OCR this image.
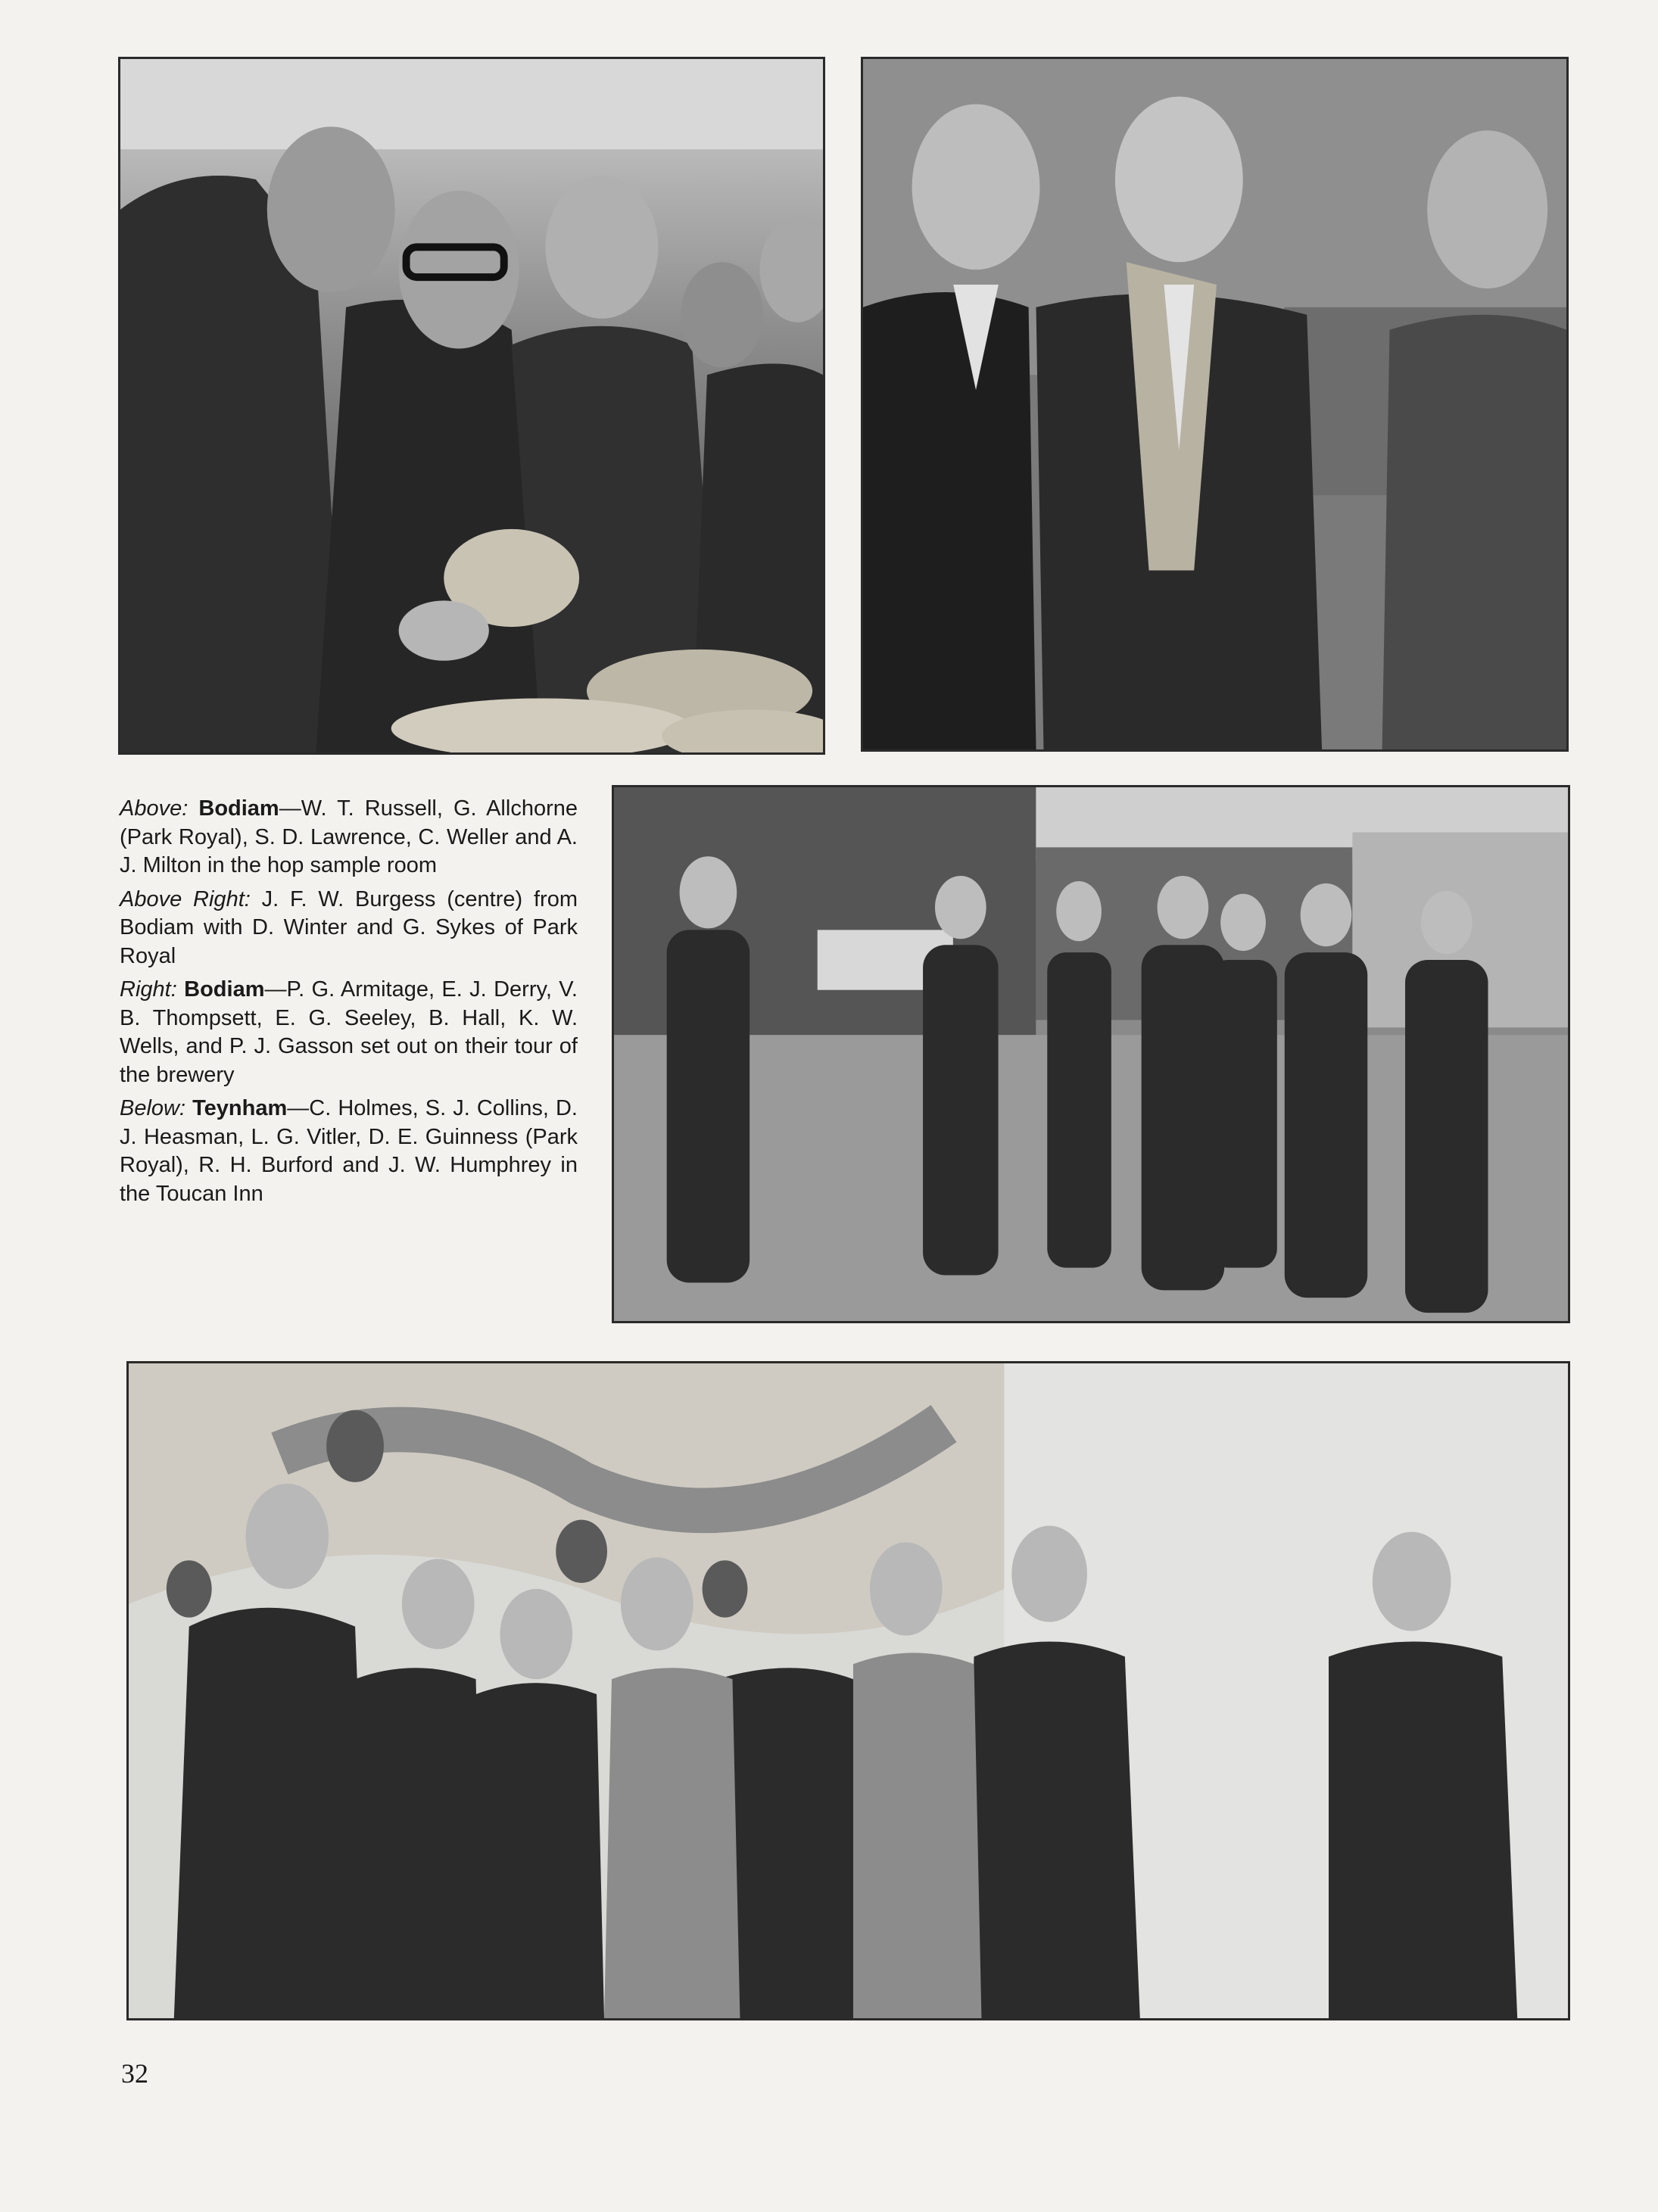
Above: Bodiam—W. T. Russell, G. Allchorne (Park Royal), S. D. Lawrence, C. Weller and A. J. Milton in the hop sample room

Above Right: J. F. W. Burgess (centre) from Bodiam with D. Winter and G. Sykes of Park Royal

Right: Bodiam—P. G. Armitage, E. J. Derry, V. B. Thompsett, E. G. Seeley, B. Hall, K. W. Wells, and P. J. Gasson set out on their tour of the brewery

Below: Teynham—C. Holmes, S. J. Collins, D. J. Heasman, L. G. Vitler, D. E. Guinness (Park Royal), R. H. Burford and J. W. Humphrey in the Toucan Inn

32
